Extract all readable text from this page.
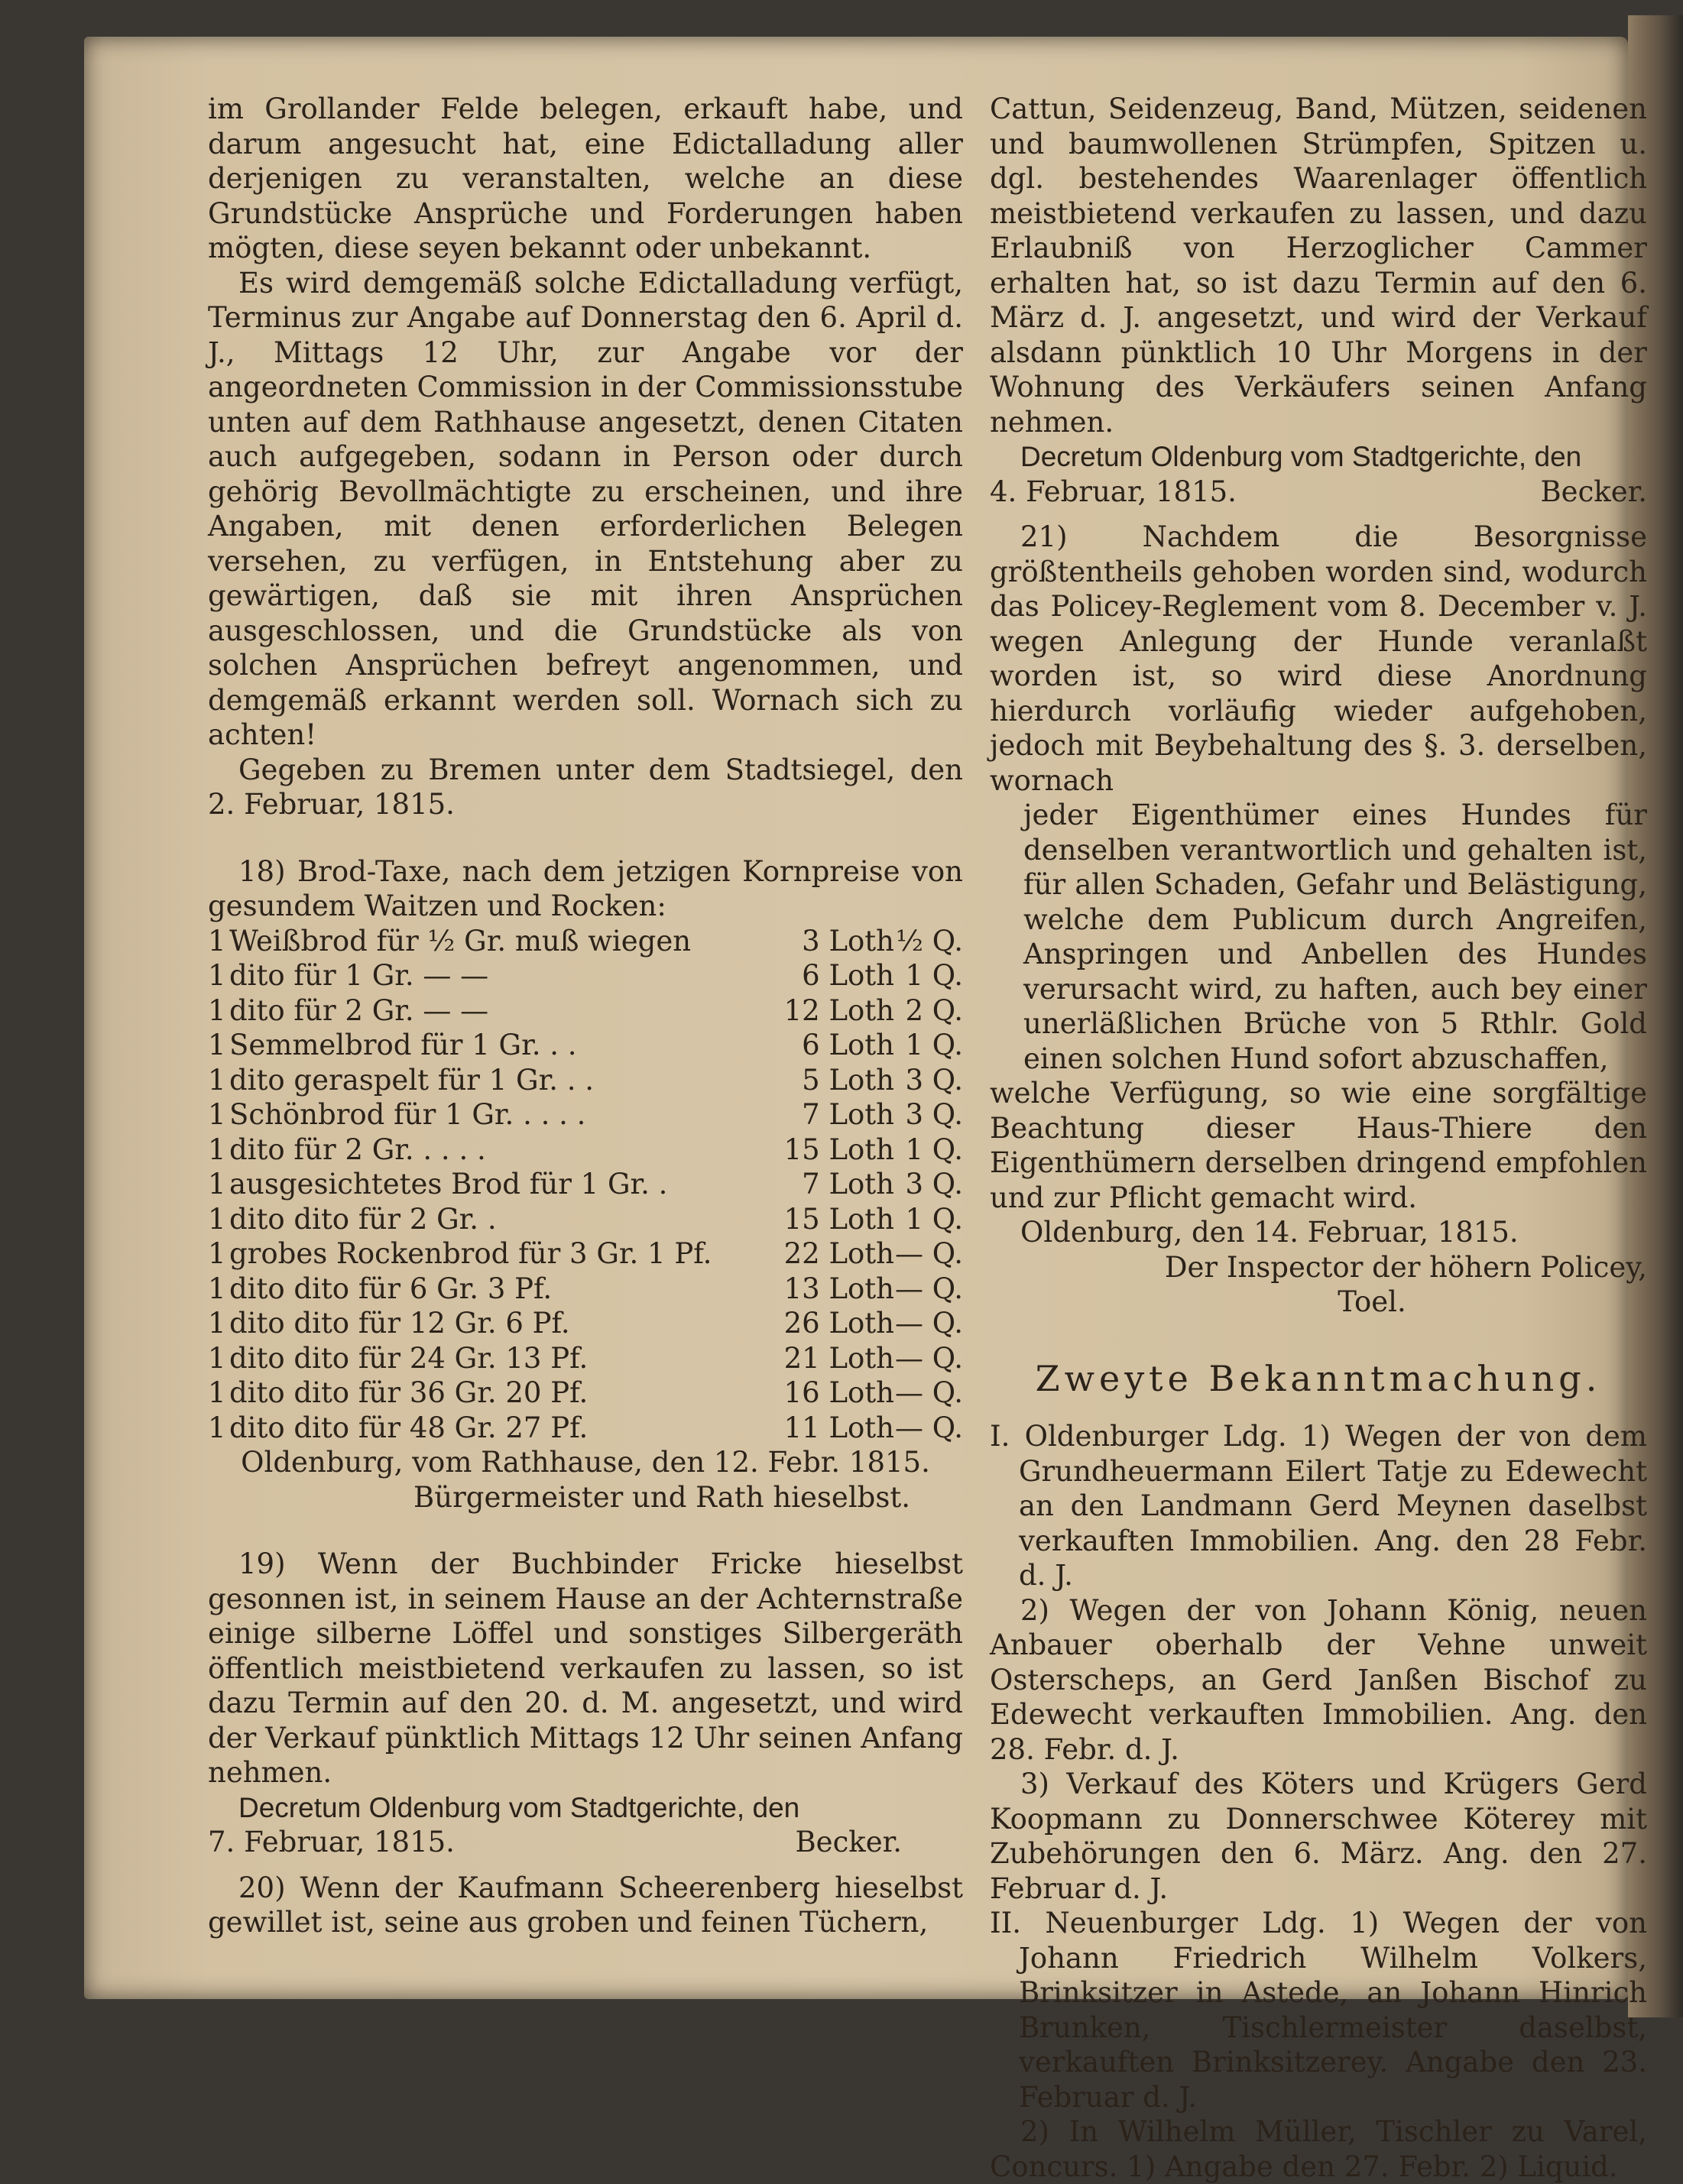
im Grollander Felde belegen, erkauft habe, und darum angesucht hat, eine Edictalladung aller derjenigen zu veranstalten, welche an diese Grundstücke Ansprüche und Forderungen haben mögten, diese seyen bekannt oder unbekannt.

Es wird demgemäß solche Edictalladung verfügt, Terminus zur Angabe auf Donnerstag den 6. April d. J., Mittags 12 Uhr, zur Angabe vor der angeordneten Commission in der Commissionsstube unten auf dem Rathhause angesetzt, denen Citaten auch aufgegeben, sodann in Person oder durch gehörig Bevollmächtigte zu erscheinen, und ihre Angaben, mit denen erforderlichen Belegen versehen, zu verfügen, in Entstehung aber zu gewärtigen, daß sie mit ihren Ansprüchen ausgeschlossen, und die Grundstücke als von solchen Ansprüchen befreyt angenommen, und demgemäß erkannt werden soll. Wornach sich zu achten!

Gegeben zu Bremen unter dem Stadtsiegel, den 2. Februar, 1815.

18) Brod-Taxe, nach dem jetzigen Kornpreise von gesundem Waitzen und Rocken:

1	Weißbrod für ½ Gr. muß wiegen	3 Loth	½ Q.
1	dito für 1 Gr. — —	6 Loth	1 Q.
1	dito für 2 Gr. — —	12 Loth	2 Q.
1	Semmelbrod für 1 Gr. . .	6 Loth	1 Q.
1	dito geraspelt für 1 Gr. . .	5 Loth	3 Q.
1	Schönbrod für 1 Gr. . . . .	7 Loth	3 Q.
1	dito für 2 Gr. . . . .	15 Loth	1 Q.
1	ausgesichtetes Brod für 1 Gr. .	7 Loth	3 Q.
1	dito dito für 2 Gr. .	15 Loth	1 Q.
1	grobes Rockenbrod für 3 Gr. 1 Pf.	22 Loth	— Q.
1	dito dito für 6 Gr. 3 Pf.	13 Loth	— Q.
1	dito dito für 12 Gr. 6 Pf.	26 Loth	— Q.
1	dito dito für 24 Gr. 13 Pf.	21 Loth	— Q.
1	dito dito für 36 Gr. 20 Pf.	16 Loth	— Q.
1	dito dito für 48 Gr. 27 Pf.	11 Loth	— Q.

Oldenburg, vom Rathhause, den 12. Febr. 1815.

Bürgermeister und Rath hieselbst.

19) Wenn der Buchbinder Fricke hieselbst gesonnen ist, in seinem Hause an der Achternstraße einige silberne Löffel und sonstiges Silbergeräth öffentlich meistbietend verkaufen zu lassen, so ist dazu Termin auf den 20. d. M. angesetzt, und wird der Verkauf pünktlich Mittags 12 Uhr seinen Anfang nehmen.

Decretum Oldenburg vom Stadtgerichte, den

7. Februar, 1815.	Becker.

20) Wenn der Kaufmann Scheerenberg hieselbst gewillet ist, seine aus groben und feinen Tüchern,

Cattun, Seidenzeug, Band, Mützen, seidenen und baumwollenen Strümpfen, Spitzen u. dgl. bestehendes Waarenlager öffentlich meistbietend verkaufen zu lassen, und dazu Erlaubniß von Herzoglicher Cammer erhalten hat, so ist dazu Termin auf den 6. März d. J. angesetzt, und wird der Verkauf alsdann pünktlich 10 Uhr Morgens in der Wohnung des Verkäufers seinen Anfang nehmen.

Decretum Oldenburg vom Stadtgerichte, den

4. Februar, 1815.	Becker.

21) Nachdem die Besorgnisse größtentheils gehoben worden sind, wodurch das Policey-Reglement vom 8. December v. J. wegen Anlegung der Hunde veranlaßt worden ist, so wird diese Anordnung hierdurch vorläufig wieder aufgehoben, jedoch mit Beybehaltung des §. 3. derselben, wornach

jeder Eigenthümer eines Hundes für denselben verantwortlich und gehalten ist, für allen Schaden, Gefahr und Belästigung, welche dem Publicum durch Angreifen, Anspringen und Anbellen des Hundes verursacht wird, zu haften, auch bey einer unerläßlichen Brüche von 5 Rthlr. Gold einen solchen Hund sofort abzuschaffen,

welche Verfügung, so wie eine sorgfältige Beachtung dieser Haus-Thiere den Eigenthümern derselben dringend empfohlen und zur Pflicht gemacht wird.

Oldenburg, den 14. Februar, 1815.

Der Inspector der höhern Policey,

Toel.

Zweyte Bekanntmachung.

I. Oldenburger Ldg. 1) Wegen der von dem Grundheuermann Eilert Tatje zu Edewecht an den Landmann Gerd Meynen daselbst verkauften Immobilien. Ang. den 28 Febr. d. J.

2) Wegen der von Johann König, neuen Anbauer oberhalb der Vehne unweit Osterscheps, an Gerd Janßen Bischof zu Edewecht verkauften Immobilien. Ang. den 28. Febr. d. J.

3) Verkauf des Köters und Krügers Gerd Koopmann zu Donnerschwee Köterey mit Zubehörungen den 6. März. Ang. den 27. Februar d. J.

II. Neuenburger Ldg. 1) Wegen der von Johann Friedrich Wilhelm Volkers, Brinksitzer in Astede, an Johann Hinrich Brunken, Tischlermeister daselbst, verkauften Brinksitzerey. Angabe den 23. Februar d. J.

2) In Wilhelm Müller, Tischler zu Varel, Concurs. 1) Angabe den 27. Febr. 2) Liquid.
